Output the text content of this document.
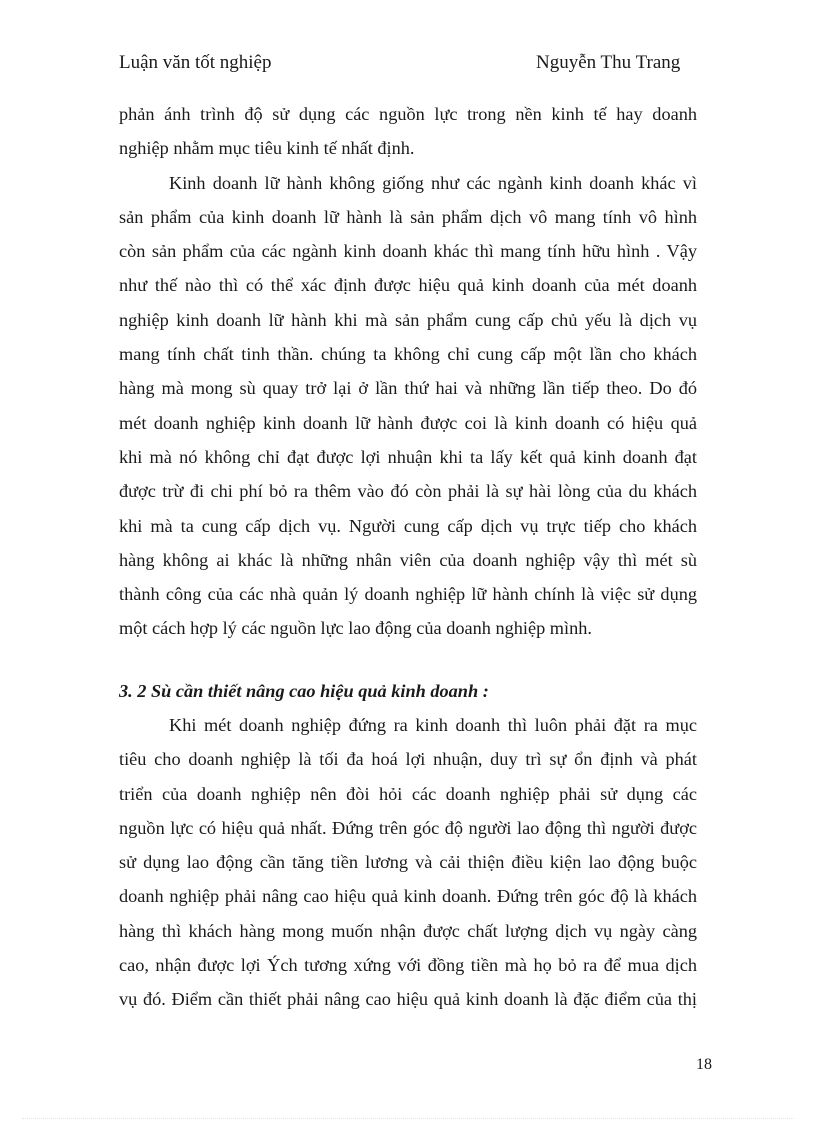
Luận văn tốt nghiệp	Nguyễn Thu Trang
phản ánh trình độ sử dụng các nguồn lực trong nền kinh tế hay doanh
nghiệp nhằm mục tiêu kinh tế nhất định.
Kinh doanh lữ hành không giống như các ngành kinh doanh khác vì
sản phẩm của kinh doanh lữ hành là sản phẩm dịch vô mang tính vô hình
còn sản phẩm của các ngành kinh doanh khác thì mang tính hữu hình . Vậy
như thế nào thì có thể xác định được hiệu quả kinh doanh của mét doanh
nghiệp kinh doanh lữ hành khi mà sản phẩm cung cấp chủ yếu là dịch vụ
mang tính chất tinh thần. chúng ta không chỉ cung cấp một lần cho khách
hàng mà mong sù quay trở lại ở lần thứ hai và những lần tiếp theo. Do đó
mét doanh nghiệp kinh doanh lữ hành được coi là kinh doanh có hiệu quả
khi mà nó không chỉ đạt được lợi nhuận khi ta lấy kết quả kinh doanh đạt
được trừ đi chi phí bỏ ra thêm vào đó còn phải là sự hài lòng của du khách
khi mà ta cung cấp dịch vụ. Người cung cấp dịch vụ trực tiếp cho khách
hàng không ai khác là những nhân viên của doanh nghiệp vậy thì mét sù
thành công của các nhà quản lý doanh nghiệp lữ hành chính là việc sử dụng
một cách hợp lý các nguồn lực lao động của doanh nghiệp mình.
3. 2 Sù cần thiết nâng cao hiệu quả kinh doanh :
Khi mét doanh nghiệp đứng ra kinh doanh thì luôn phải đặt ra mục
tiêu cho doanh nghiệp là tối đa hoá lợi nhuận, duy trì sự ổn định và phát
triển của doanh nghiệp nên đòi hỏi các doanh nghiệp phải sử dụng các
nguồn lực có hiệu quả nhất. Đứng trên góc độ người lao động thì người được
sử dụng lao động cần tăng tiền lương và cải thiện điều kiện lao động buộc
doanh nghiệp phải nâng cao hiệu quả kinh doanh. Đứng trên góc độ là khách
hàng thì khách hàng mong muốn nhận được chất lượng dịch vụ ngày càng
cao, nhận được lợi Ých tương xứng với đồng tiền mà họ bỏ ra để mua dịch
vụ đó. Điểm cần thiết phải nâng cao hiệu quả kinh doanh là đặc điểm của thị
18
